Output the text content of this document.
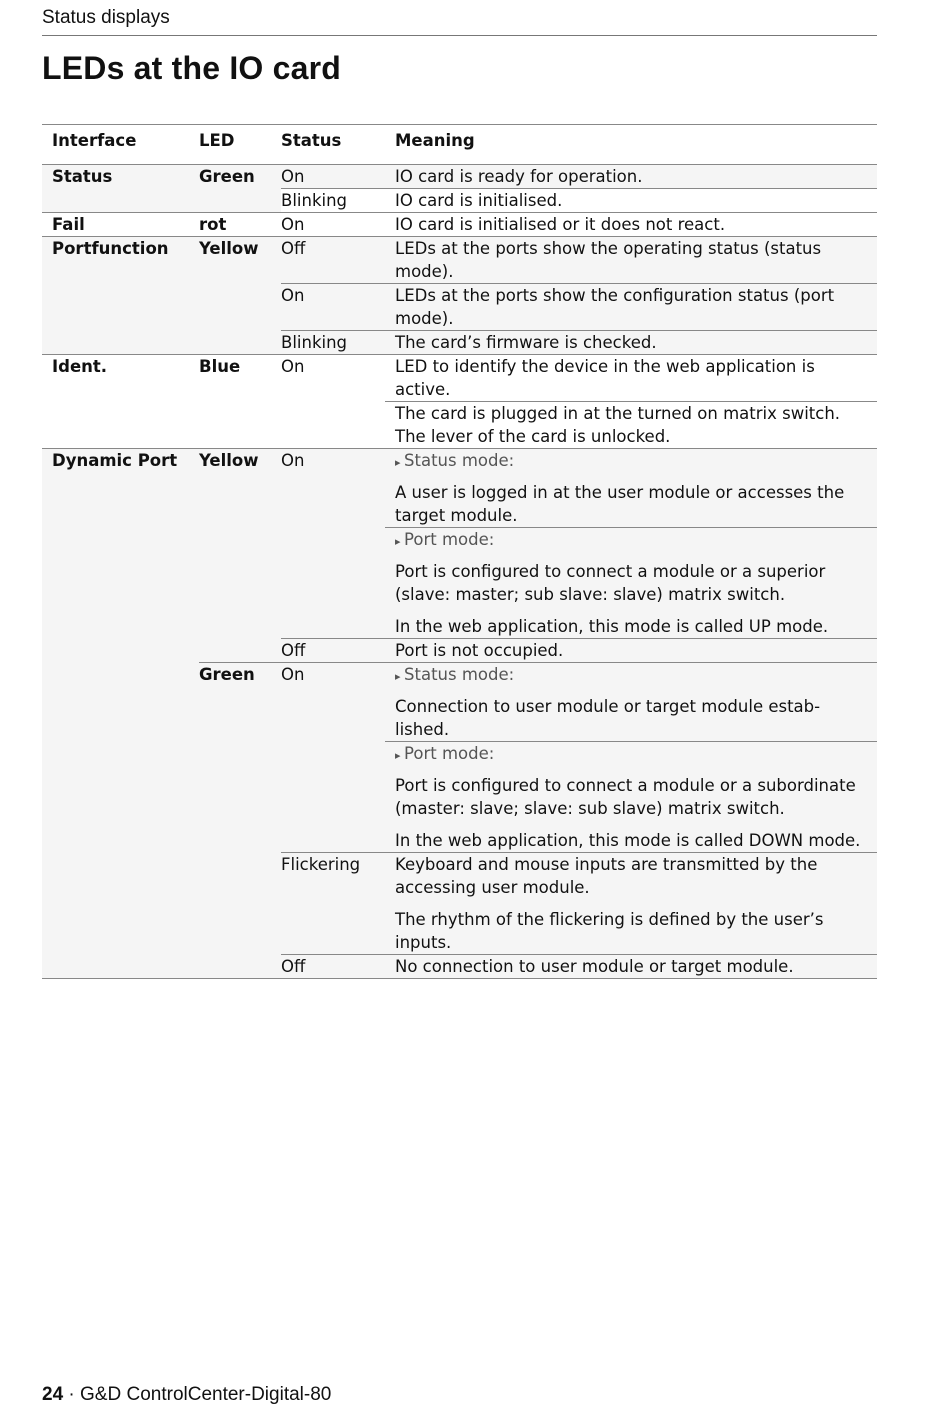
Status displays
LEDs at the IO card
Interface	LED	Status	Meaning
Status	Green	On	IO card is ready for operation.

		Blinking	IO card is initialised.

Fail	rot	On	IO card is initialised or it does not react.

Portfunction	Yellow	Off	LEDs at the ports show the operating status (status mode).

		On	LEDs at the ports show the configuration status (port mode).

		Blinking	The card’s firmware is checked.

Ident.	Blue	On	LED to identify the device in the web application is active.

			The card is plugged in at the turned on matrix switch. The lever of the card is unlocked.

Dynamic Port	Yellow	On	▸ Status mode:
A user is logged in at the user module or accesses the target module.

			▸ Port mode:
Port is configured to connect a module or a superior (slave: master; sub slave: slave) matrix switch.
In the web application, this mode is called UP mode.

		Off	Port is not occupied.

	Green	On	▸ Status mode:
Connection to user module or target module estab-lished.

			▸ Port mode:
Port is configured to connect a module or a subordinate (master: slave; slave: sub slave) matrix switch.
In the web application, this mode is called DOWN mode.

		Flickering	Keyboard and mouse inputs are transmitted by the accessing user module.
The rhythm of the flickering is defined by the user’s inputs.

		Off	No connection to user module or target module.
24 · G&D ControlCenter-Digital-80
